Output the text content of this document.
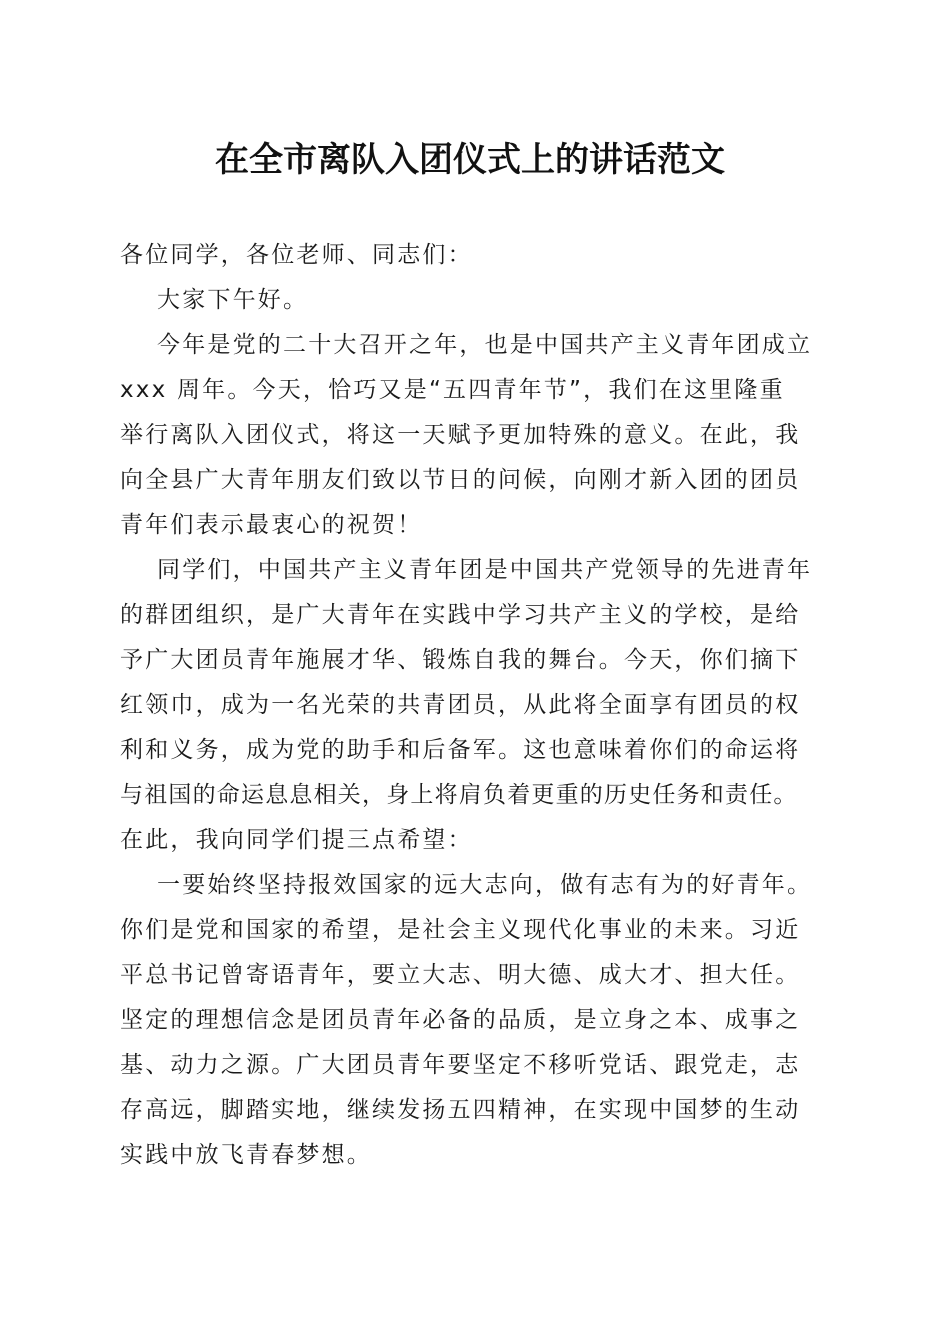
在全市离队入团仪式上的讲话范文
各位同学，各位老师、同志们：
大家下午好。
今年是党的二十大召开之年，也是中国共产主义青年团成立
xxx 周年。今天，恰巧又是“五四青年节”，我们在这里隆重
举行离队入团仪式，将这一天赋予更加特殊的意义。在此，我
向全县广大青年朋友们致以节日的问候，向刚才新入团的团员
青年们表示最衷心的祝贺！
同学们，中国共产主义青年团是中国共产党领导的先进青年
的群团组织，是广大青年在实践中学习共产主义的学校，是给
予广大团员青年施展才华、锻炼自我的舞台。今天，你们摘下
红领巾，成为一名光荣的共青团员，从此将全面享有团员的权
利和义务，成为党的助手和后备军。这也意味着你们的命运将
与祖国的命运息息相关，身上将肩负着更重的历史任务和责任。
在此，我向同学们提三点希望：
一要始终坚持报效国家的远大志向，做有志有为的好青年。
你们是党和国家的希望，是社会主义现代化事业的未来。习近
平总书记曾寄语青年，要立大志、明大德、成大才、担大任。
坚定的理想信念是团员青年必备的品质，是立身之本、成事之
基、动力之源。广大团员青年要坚定不移听党话、跟党走，志
存高远，脚踏实地，继续发扬五四精神，在实现中国梦的生动
实践中放飞青春梦想。
